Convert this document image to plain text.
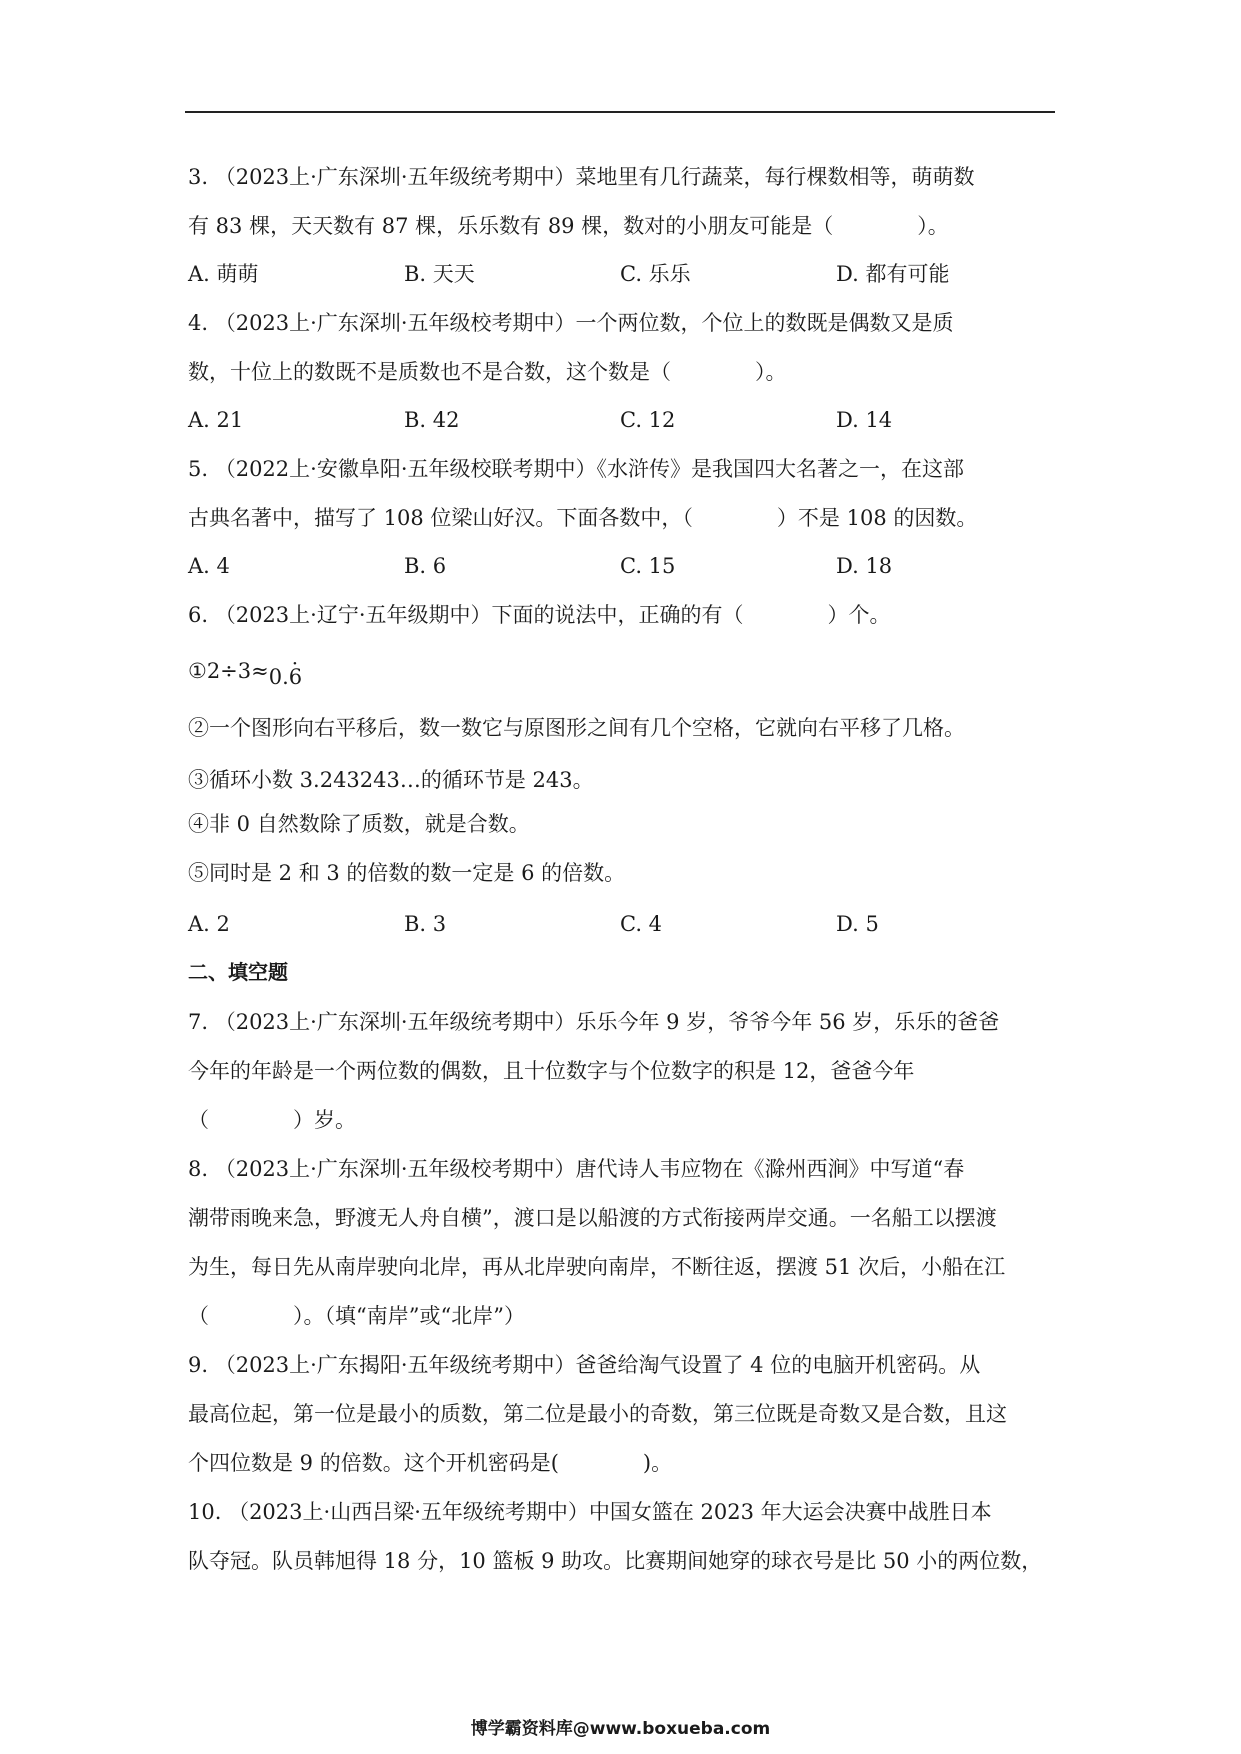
3. （2023上·广东深圳·五年级统考期中）菜地里有几行蔬菜，每行棵数相等，萌萌数
有 83 棵，天天数有 87 棵，乐乐数有 89 棵，数对的小朋友可能是（　　　　）。
A. 萌萌	B. 天天	C. 乐乐	D. 都有可能
4. （2023上·广东深圳·五年级校考期中）一个两位数，个位上的数既是偶数又是质
数，十位上的数既不是质数也不是合数，这个数是（　　　　）。
A. 21	B. 42	C. 12	D. 14
5. （2022上·安徽阜阳·五年级校联考期中）《水浒传》是我国四大名著之一，在这部
古典名著中，描写了 108 位梁山好汉。下面各数中，（　　　　）不是 108 的因数。
A. 4	B. 6	C. 15	D. 18
6. （2023上·辽宁·五年级期中）下面的说法中，正确的有（　　　　）个。
①2÷3≈0.6 ·
②一个图形向右平移后，数一数它与原图形之间有几个空格，它就向右平移了几格。
③循环小数 3.243243…的循环节是 243。
④非 0 自然数除了质数，就是合数。
⑤同时是 2 和 3 的倍数的数一定是 6 的倍数。
A. 2	B. 3	C. 4	D. 5
二、填空题
7. （2023上·广东深圳·五年级统考期中）乐乐今年 9 岁，爷爷今年 56 岁，乐乐的爸爸
今年的年龄是一个两位数的偶数，且十位数字与个位数字的积是 12，爸爸今年
（　　　　）岁。
8. （2023上·广东深圳·五年级校考期中）唐代诗人韦应物在《滁州西涧》中写道“春
潮带雨晚来急，野渡无人舟自横”，渡口是以船渡的方式衔接两岸交通。一名船工以摆渡
为生，每日先从南岸驶向北岸，再从北岸驶向南岸，不断往返，摆渡 51 次后，小船在江
（　　　　）。（填“南岸”或“北岸”）
9. （2023上·广东揭阳·五年级统考期中）爸爸给淘气设置了 4 位的电脑开机密码。从
最高位起，第一位是最小的质数，第二位是最小的奇数，第三位既是奇数又是合数，且这
个四位数是 9 的倍数。这个开机密码是(　　　　)。
10. （2023上·山西吕梁·五年级统考期中）中国女篮在 2023 年大运会决赛中战胜日本
队夺冠。队员韩旭得 18 分，10 篮板 9 助攻。比赛期间她穿的球衣号是比 50 小的两位数，
博学霸资料库@www.boxueba.com
